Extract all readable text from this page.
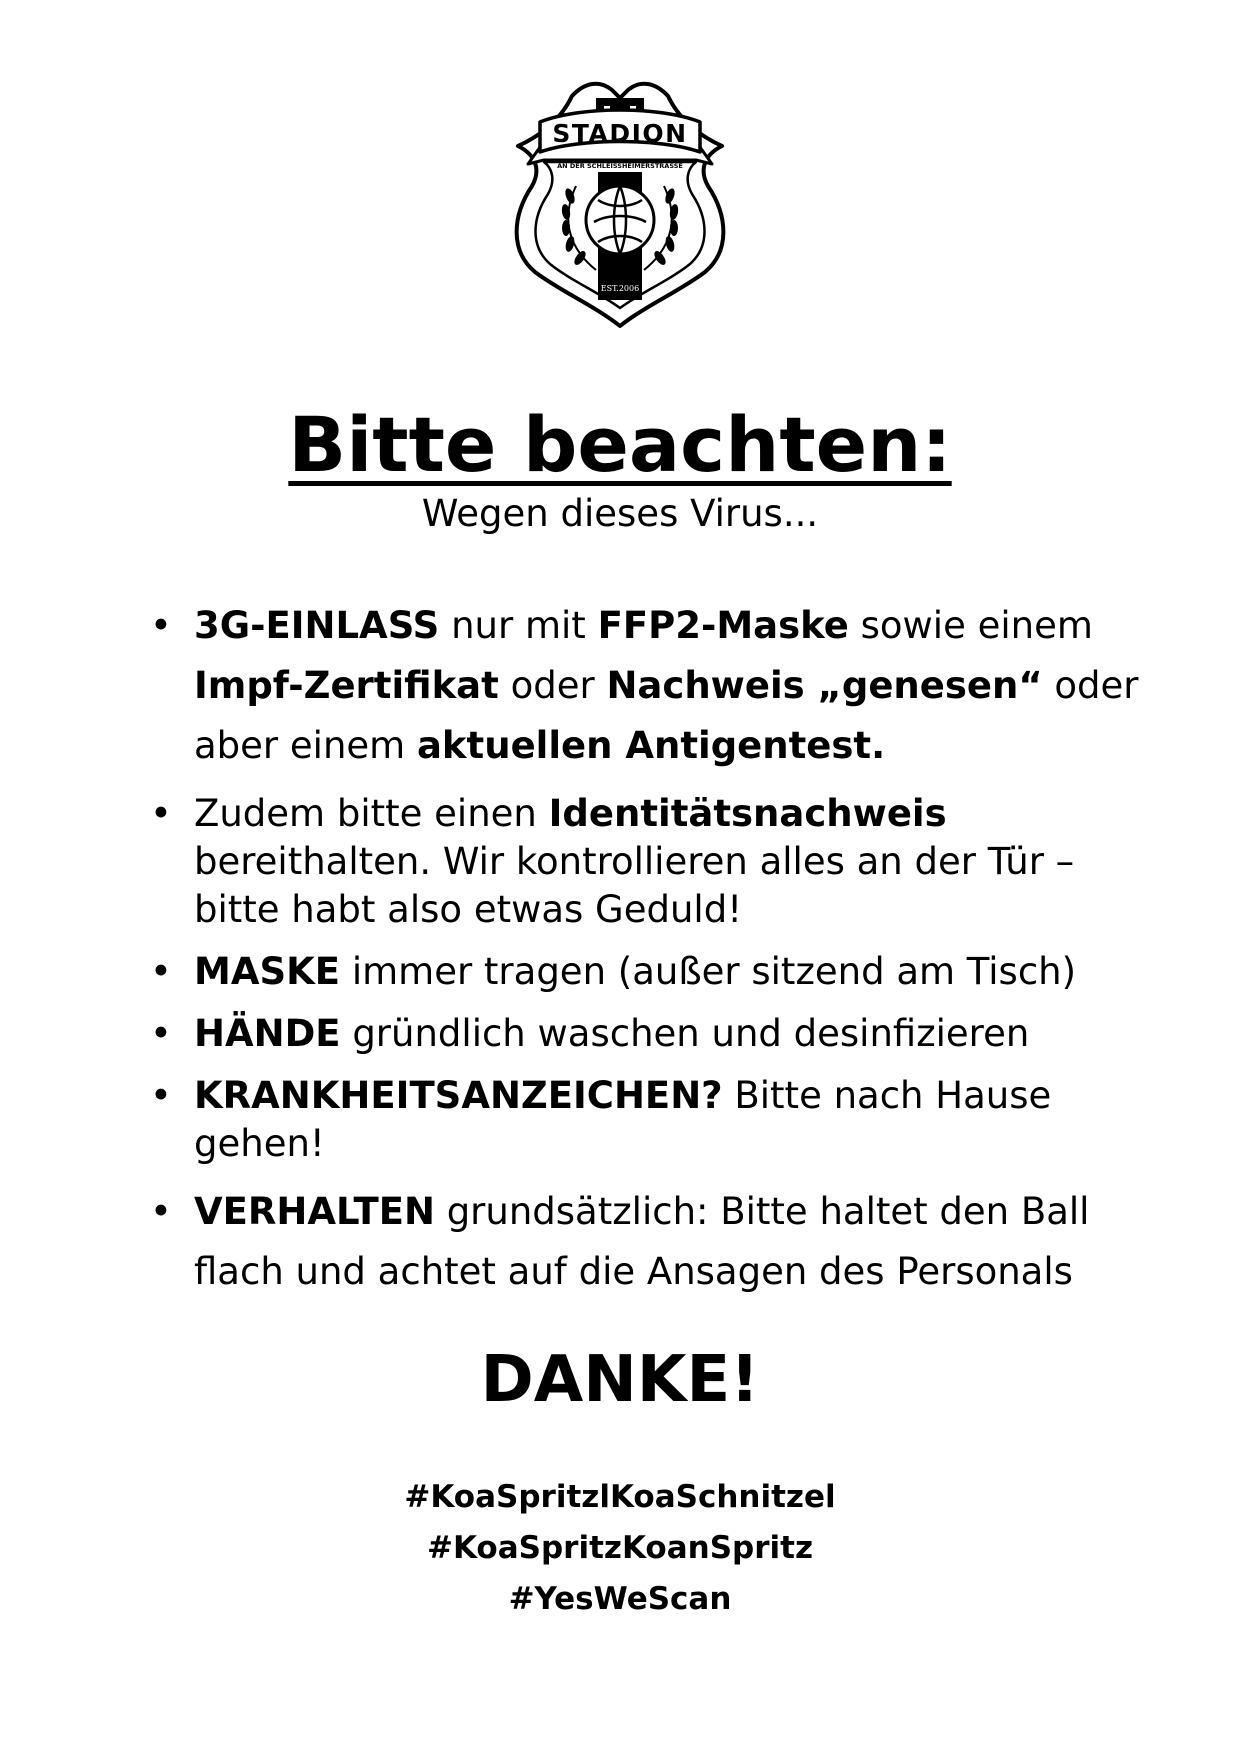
STADION
AN DER SCHLEISSHEIMERSTRASSE
EST.2006
Bitte beachten:
Wegen dieses Virus...
• 3G-EINLASS nur mit FFP2-Maske sowie einem Impf-Zertifikat oder Nachweis „genesen“ oder aber einem aktuellen Antigentest.
• Zudem bitte einen Identitätsnachweis bereithalten. Wir kontrollieren alles an der Tür – bitte habt also etwas Geduld!
• MASKE immer tragen (außer sitzend am Tisch)
• HÄNDE gründlich waschen und desinfizieren
• KRANKHEITSANZEICHEN? Bitte nach Hause gehen!
• VERHALTEN grundsätzlich: Bitte haltet den Ball flach und achtet auf die Ansagen des Personals
DANKE!
#KoaSpritzlKoaSchnitzel
#KoaSpritzKoanSpritz
#YesWeScan
